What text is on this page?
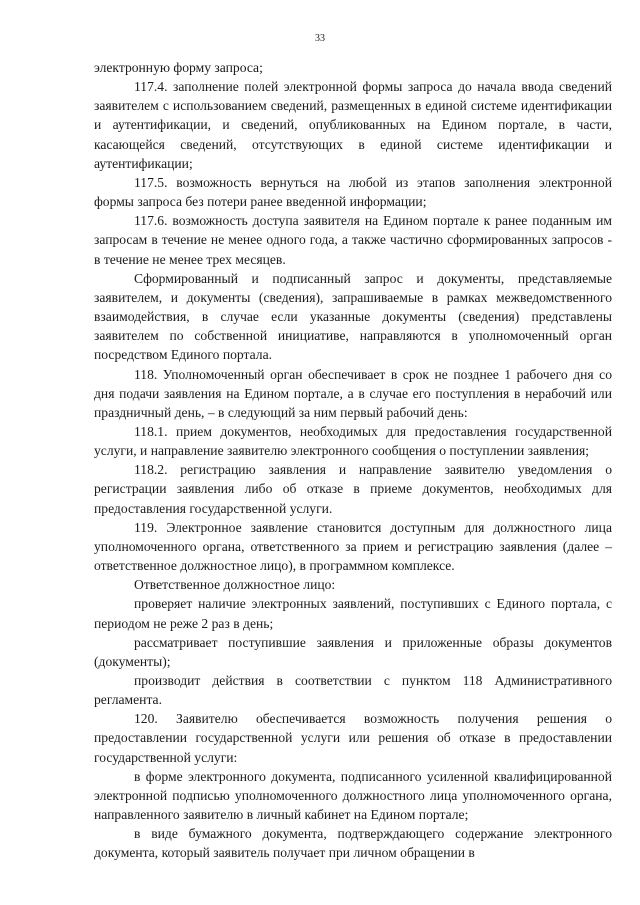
33

электронную форму запроса;

117.4. заполнение полей электронной формы запроса до начала ввода сведений заявителем с использованием сведений, размещенных в единой системе идентификации и аутентификации, и сведений, опубликованных на Едином портале, в части, касающейся сведений, отсутствующих в единой системе идентификации и аутентификации;

117.5. возможность вернуться на любой из этапов заполнения электронной формы запроса без потери ранее введенной информации;

117.6. возможность доступа заявителя на Едином портале к ранее поданным им запросам в течение не менее одного года, а также частично сформированных запросов - в течение не менее трех месяцев.

Сформированный и подписанный запрос и документы, представляемые заявителем, и документы (сведения), запрашиваемые в рамках межведомственного взаимодействия, в случае если указанные документы (сведения) представлены заявителем по собственной инициативе, направляются в уполномоченный орган посредством Единого портала.

118. Уполномоченный орган обеспечивает в срок не позднее 1 рабочего дня со дня подачи заявления на Едином портале, а в случае его поступления в нерабочий или праздничный день, – в следующий за ним первый рабочий день:

118.1. прием документов, необходимых для предоставления государственной услуги, и направление заявителю электронного сообщения о поступлении заявления;

118.2. регистрацию заявления и направление заявителю уведомления о регистрации заявления либо об отказе в приеме документов, необходимых для предоставления государственной услуги.

119. Электронное заявление становится доступным для должностного лица уполномоченного органа, ответственного за прием и регистрацию заявления (далее – ответственное должностное лицо), в программном комплексе.

Ответственное должностное лицо:

проверяет наличие электронных заявлений, поступивших с Единого портала, с периодом не реже 2 раз в день;

рассматривает поступившие заявления и приложенные образы документов (документы);

производит действия в соответствии с пунктом 118 Административного регламента.

120. Заявителю обеспечивается возможность получения решения о предоставлении государственной услуги или решения об отказе в предоставлении государственной услуги:

в форме электронного документа, подписанного усиленной квалифицированной электронной подписью уполномоченного должностного лица уполномоченного органа, направленного заявителю в личный кабинет на Едином портале;

в виде бумажного документа, подтверждающего содержание электронного документа, который заявитель получает при личном обращении в
